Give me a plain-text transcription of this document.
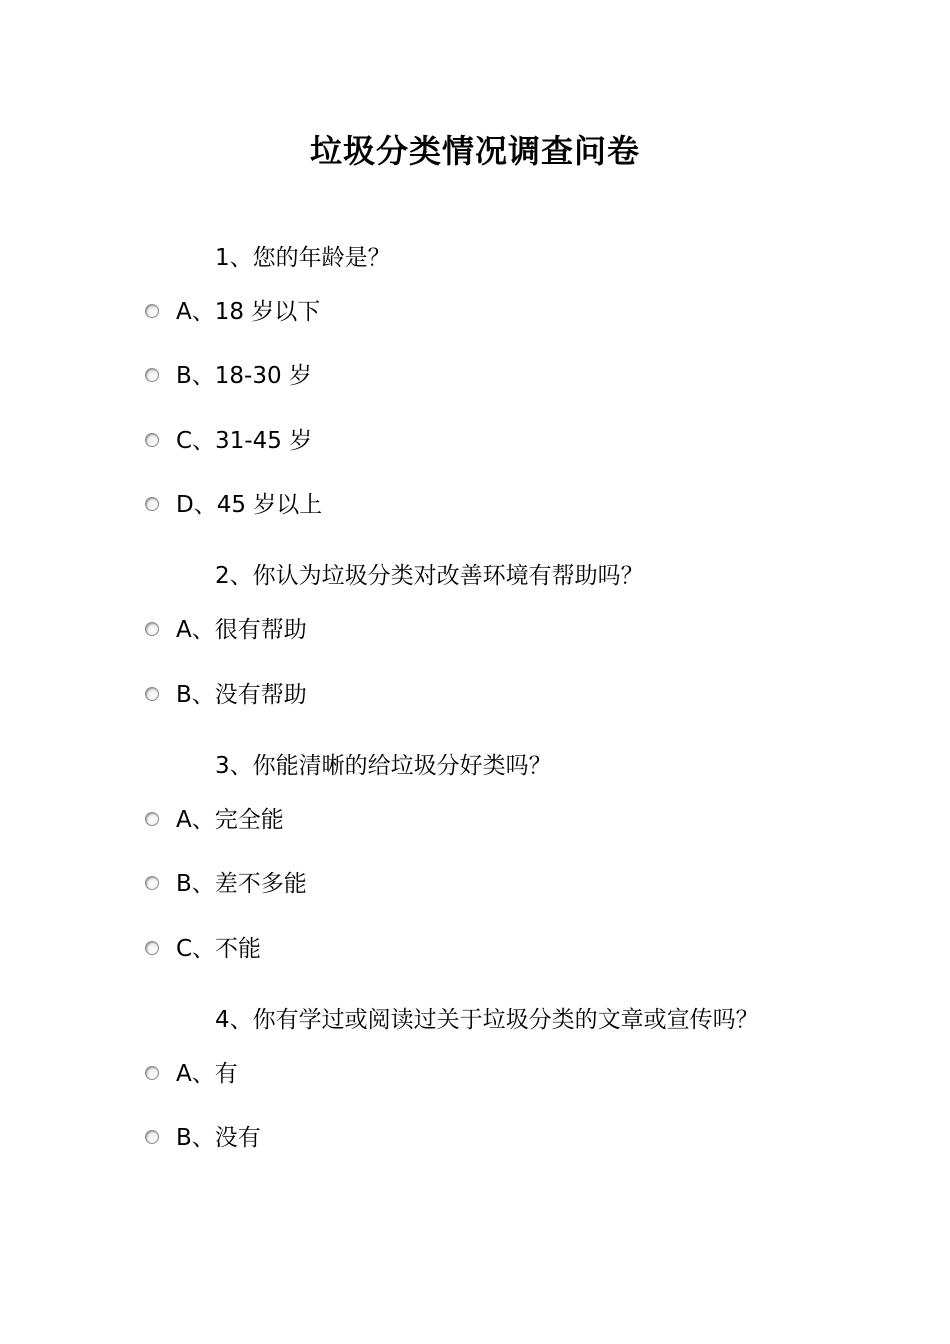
垃圾分类情况调查问卷
1、您的年龄是？
A、18 岁以下
B、18-30 岁
C、31-45 岁
D、45 岁以上
2、你认为垃圾分类对改善环境有帮助吗？
A、很有帮助
B、没有帮助
3、你能清晰的给垃圾分好类吗？
A、完全能
B、差不多能
C、不能
4、你有学过或阅读过关于垃圾分类的文章或宣传吗？
A、有
B、没有
